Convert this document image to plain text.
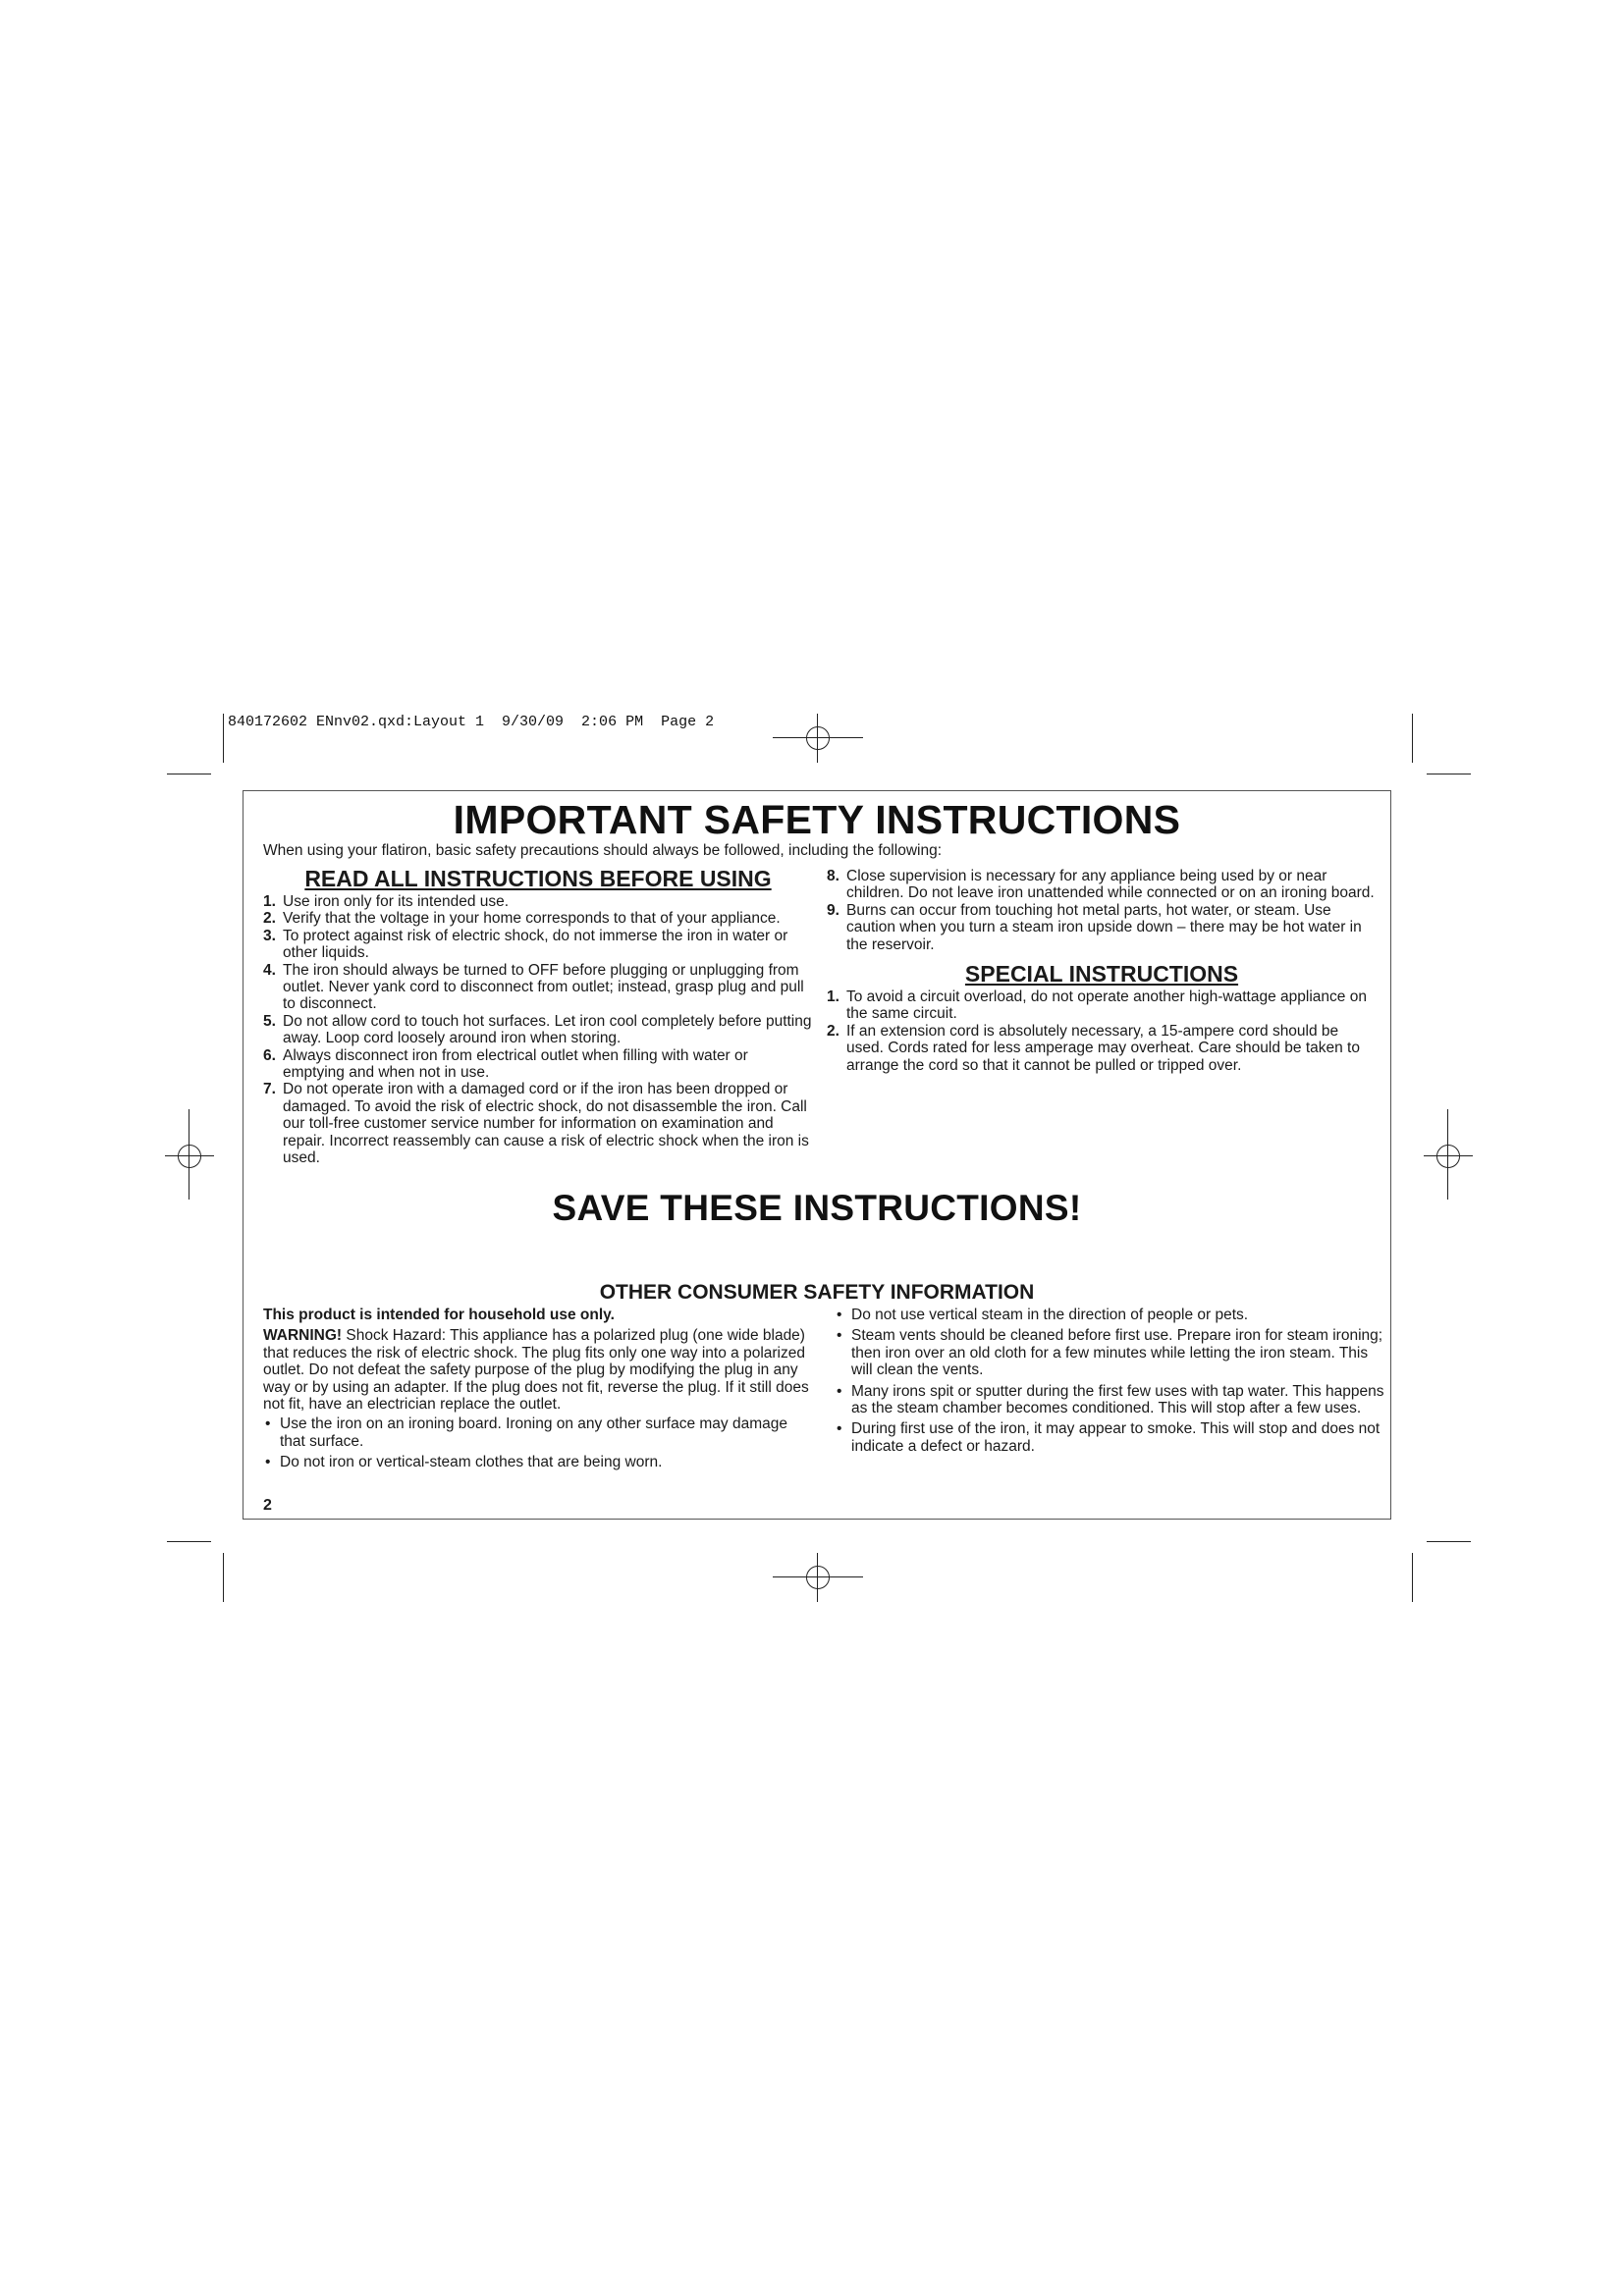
840172602 ENnv02.qxd:Layout 1  9/30/09  2:06 PM  Page 2
IMPORTANT SAFETY INSTRUCTIONS
When using your flatiron, basic safety precautions should always be followed, including the following:
READ ALL INSTRUCTIONS BEFORE USING
1. Use iron only for its intended use.
2. Verify that the voltage in your home corresponds to that of your appliance.
3. To protect against risk of electric shock, do not immerse the iron in water or other liquids.
4. The iron should always be turned to OFF before plugging or unplugging from outlet. Never yank cord to disconnect from outlet; instead, grasp plug and pull to disconnect.
5. Do not allow cord to touch hot surfaces. Let iron cool completely before putting away. Loop cord loosely around iron when storing.
6. Always disconnect iron from electrical outlet when filling with water or emptying and when not in use.
7. Do not operate iron with a damaged cord or if the iron has been dropped or damaged. To avoid the risk of electric shock, do not disassemble the iron. Call our toll-free customer service number for information on examination and repair. Incorrect reassembly can cause a risk of electric shock when the iron is used.
8. Close supervision is necessary for any appliance being used by or near children. Do not leave iron unattended while connected or on an ironing board.
9. Burns can occur from touching hot metal parts, hot water, or steam. Use caution when you turn a steam iron upside down – there may be hot water in the reservoir.
SPECIAL INSTRUCTIONS
1. To avoid a circuit overload, do not operate another high-wattage appliance on the same circuit.
2. If an extension cord is absolutely necessary, a 15-ampere cord should be used. Cords rated for less amperage may overheat. Care should be taken to arrange the cord so that it cannot be pulled or tripped over.
SAVE THESE INSTRUCTIONS!
OTHER CONSUMER SAFETY INFORMATION

This product is intended for household use only.

WARNING! Shock Hazard: This appliance has a polarized plug (one wide blade) that reduces the risk of electric shock. The plug fits only one way into a polarized outlet. Do not defeat the safety purpose of the plug by modifying the plug in any way or by using an adapter. If the plug does not fit, reverse the plug. If it still does not fit, have an electrician replace the outlet.

• Use the iron on an ironing board. Ironing on any other surface may damage that surface.
• Do not iron or vertical-steam clothes that are being worn.
• Do not use vertical steam in the direction of people or pets.
• Steam vents should be cleaned before first use. Prepare iron for steam ironing; then iron over an old cloth for a few minutes while letting the iron steam. This will clean the vents.
• Many irons spit or sputter during the first few uses with tap water. This happens as the steam chamber becomes conditioned. This will stop after a few uses.
• During first use of the iron, it may appear to smoke. This will stop and does not indicate a defect or hazard.
2
